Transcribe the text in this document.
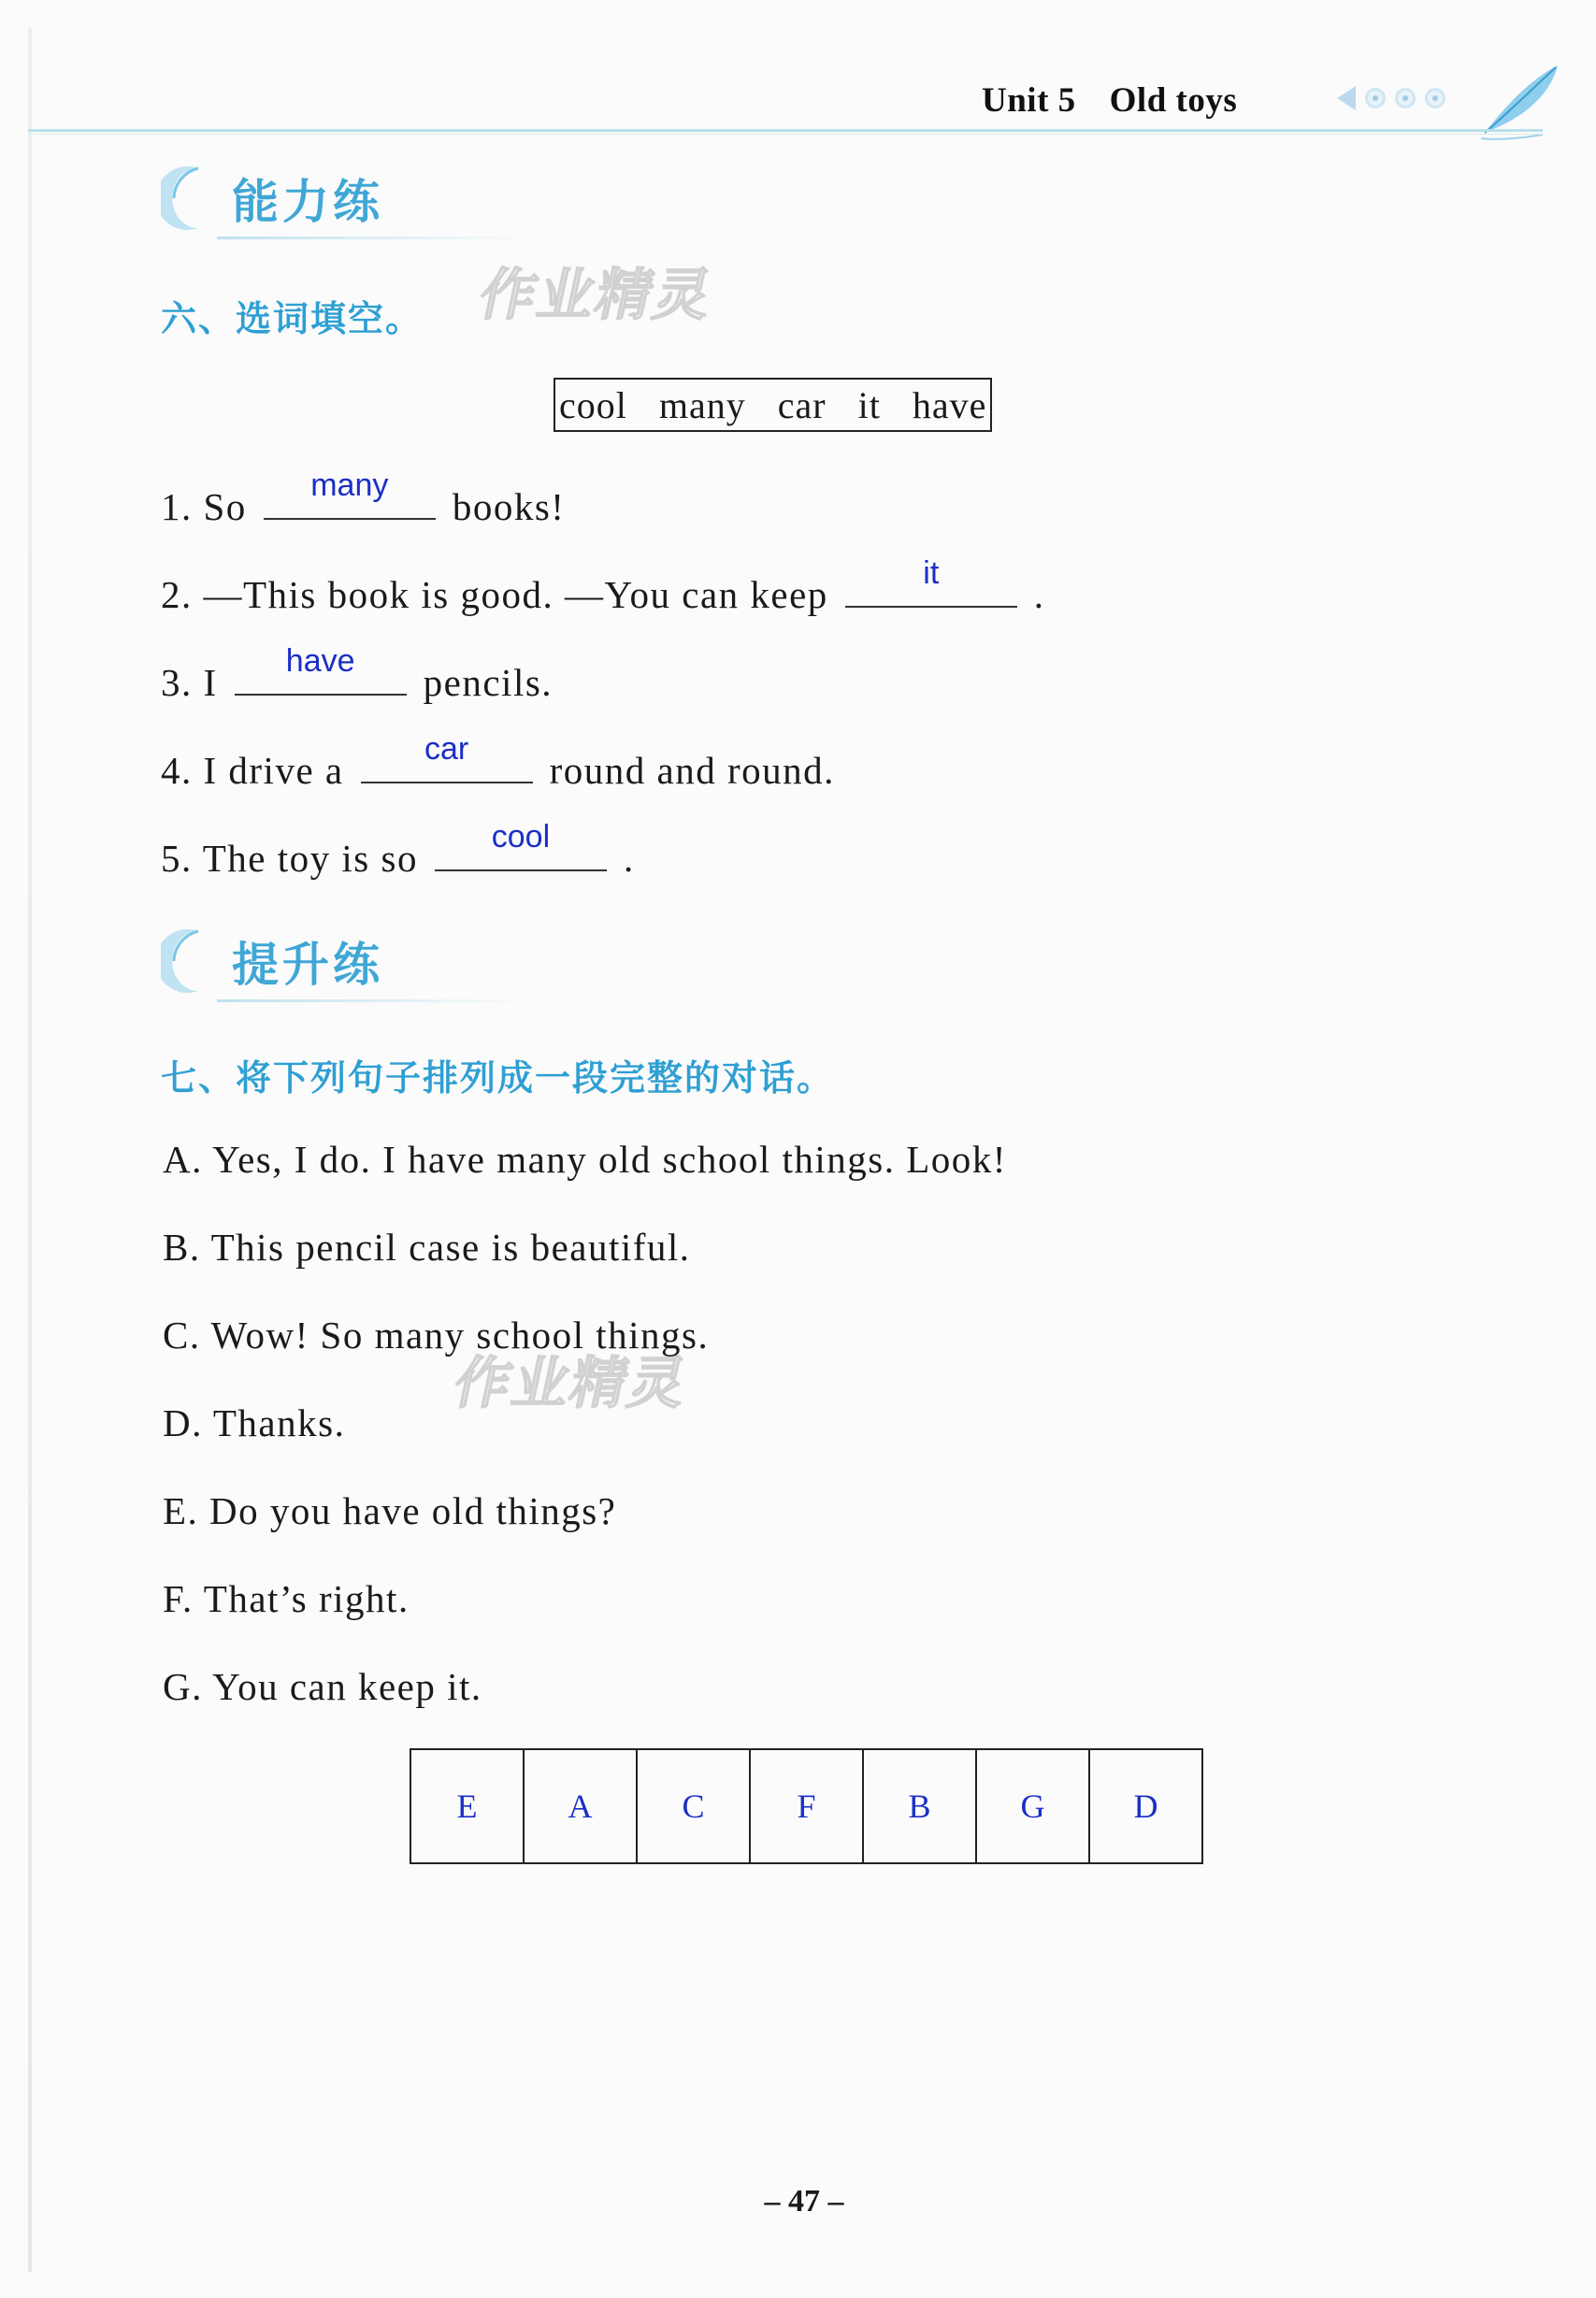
Unit 5 Old toys
能力练
六、选词填空。 作业精灵
cool many car it have
1. So	many	books!
2. —This book is good. —You can keep	it	.
3. I	have	pencils.
4. I drive a	car	round and round.
5. The toy is so	cool	.
提升练
七、将下列句子排列成一段完整的对话。
A. Yes, I do. I have many old school things. Look!
B. This pencil case is beautiful.
C. Wow! So many school things.
作业精灵
D. Thanks.
E. Do you have old things?
F. That’s right.
G. You can keep it.
E	A	C	F	B	G	D
– 47 –
